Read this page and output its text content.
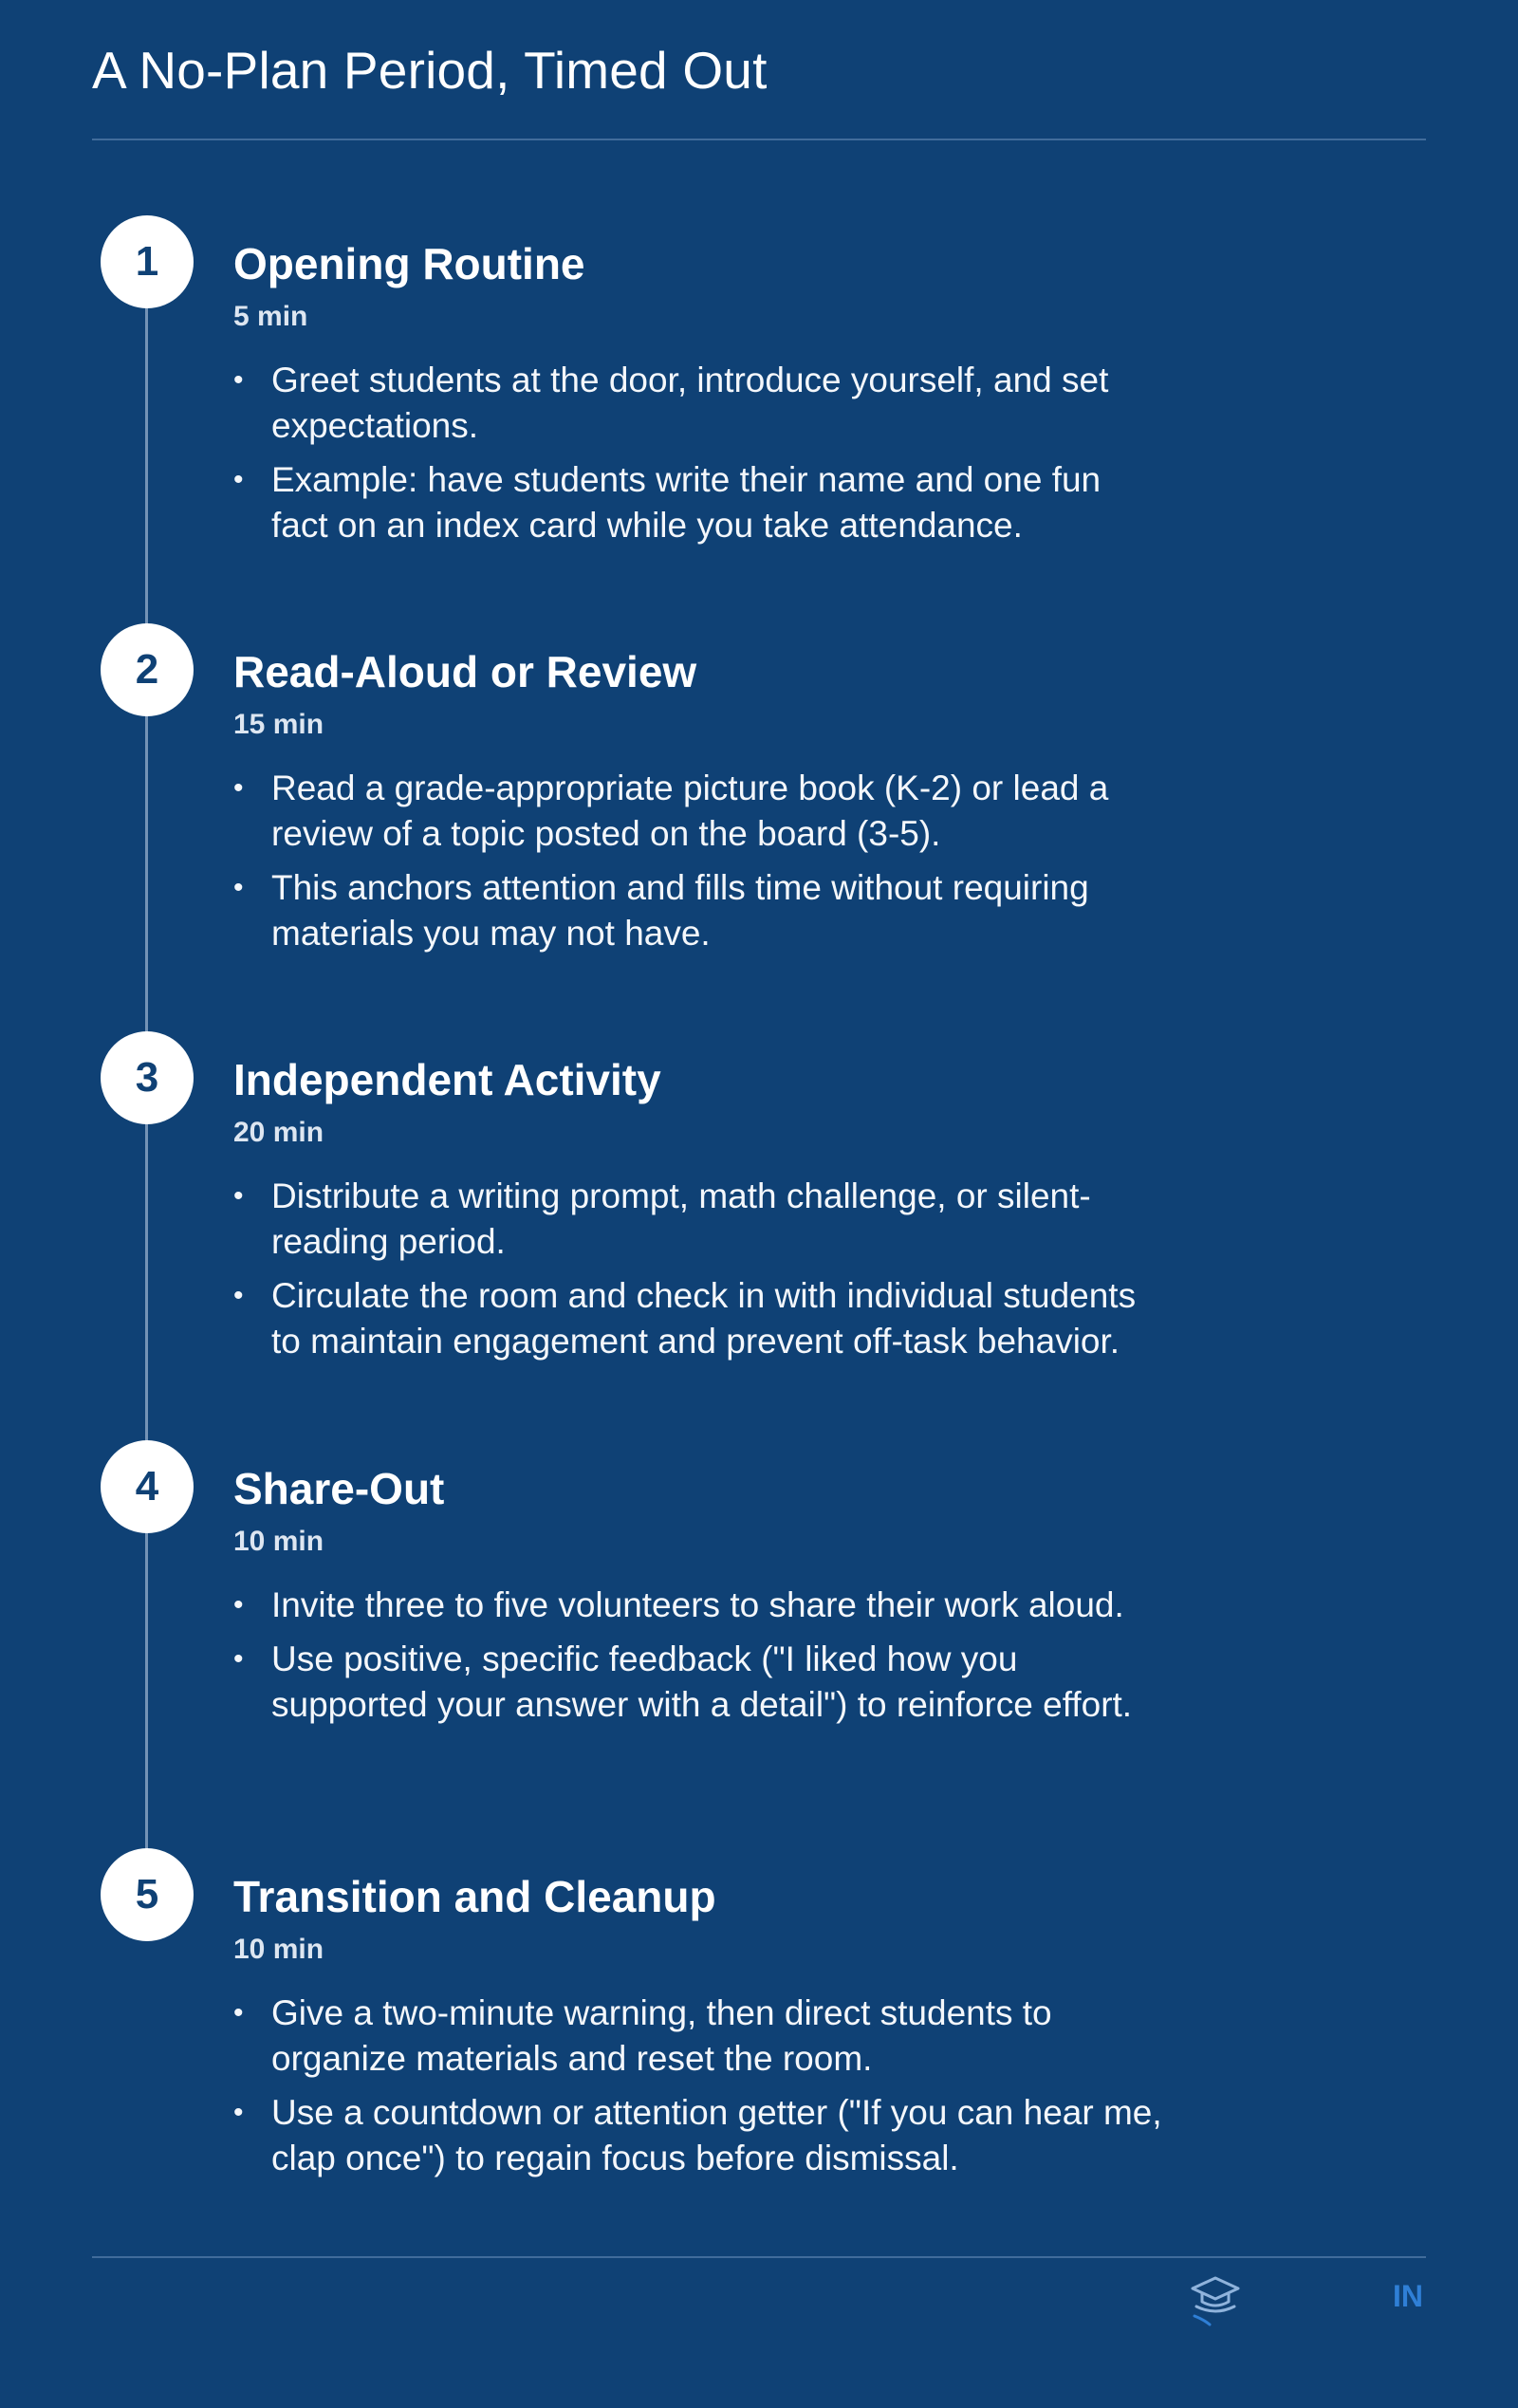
A No-Plan Period, Timed Out
1	Opening Routine
5 min
• Greet students at the door, introduce yourself, and set expectations.
• Example: have students write their name and one fun fact on an index card while you take attendance.
2	Read-Aloud or Review
15 min
• Read a grade-appropriate picture book (K-2) or lead a review of a topic posted on the board (3-5).
• This anchors attention and fills time without requiring materials you may not have.
3	Independent Activity
20 min
• Distribute a writing prompt, math challenge, or silent-reading period.
• Circulate the room and check in with individual students to maintain engagement and prevent off-task behavior.
4	Share-Out
10 min
• Invite three to five volunteers to share their work aloud.
• Use positive, specific feedback ("I liked how you supported your answer with a detail") to reinforce effort.
5	Transition and Cleanup
10 min
• Give a two-minute warning, then direct students to organize materials and reset the room.
• Use a countdown or attention getter ("If you can hear me, clap once") to regain focus before dismissal.
IN
